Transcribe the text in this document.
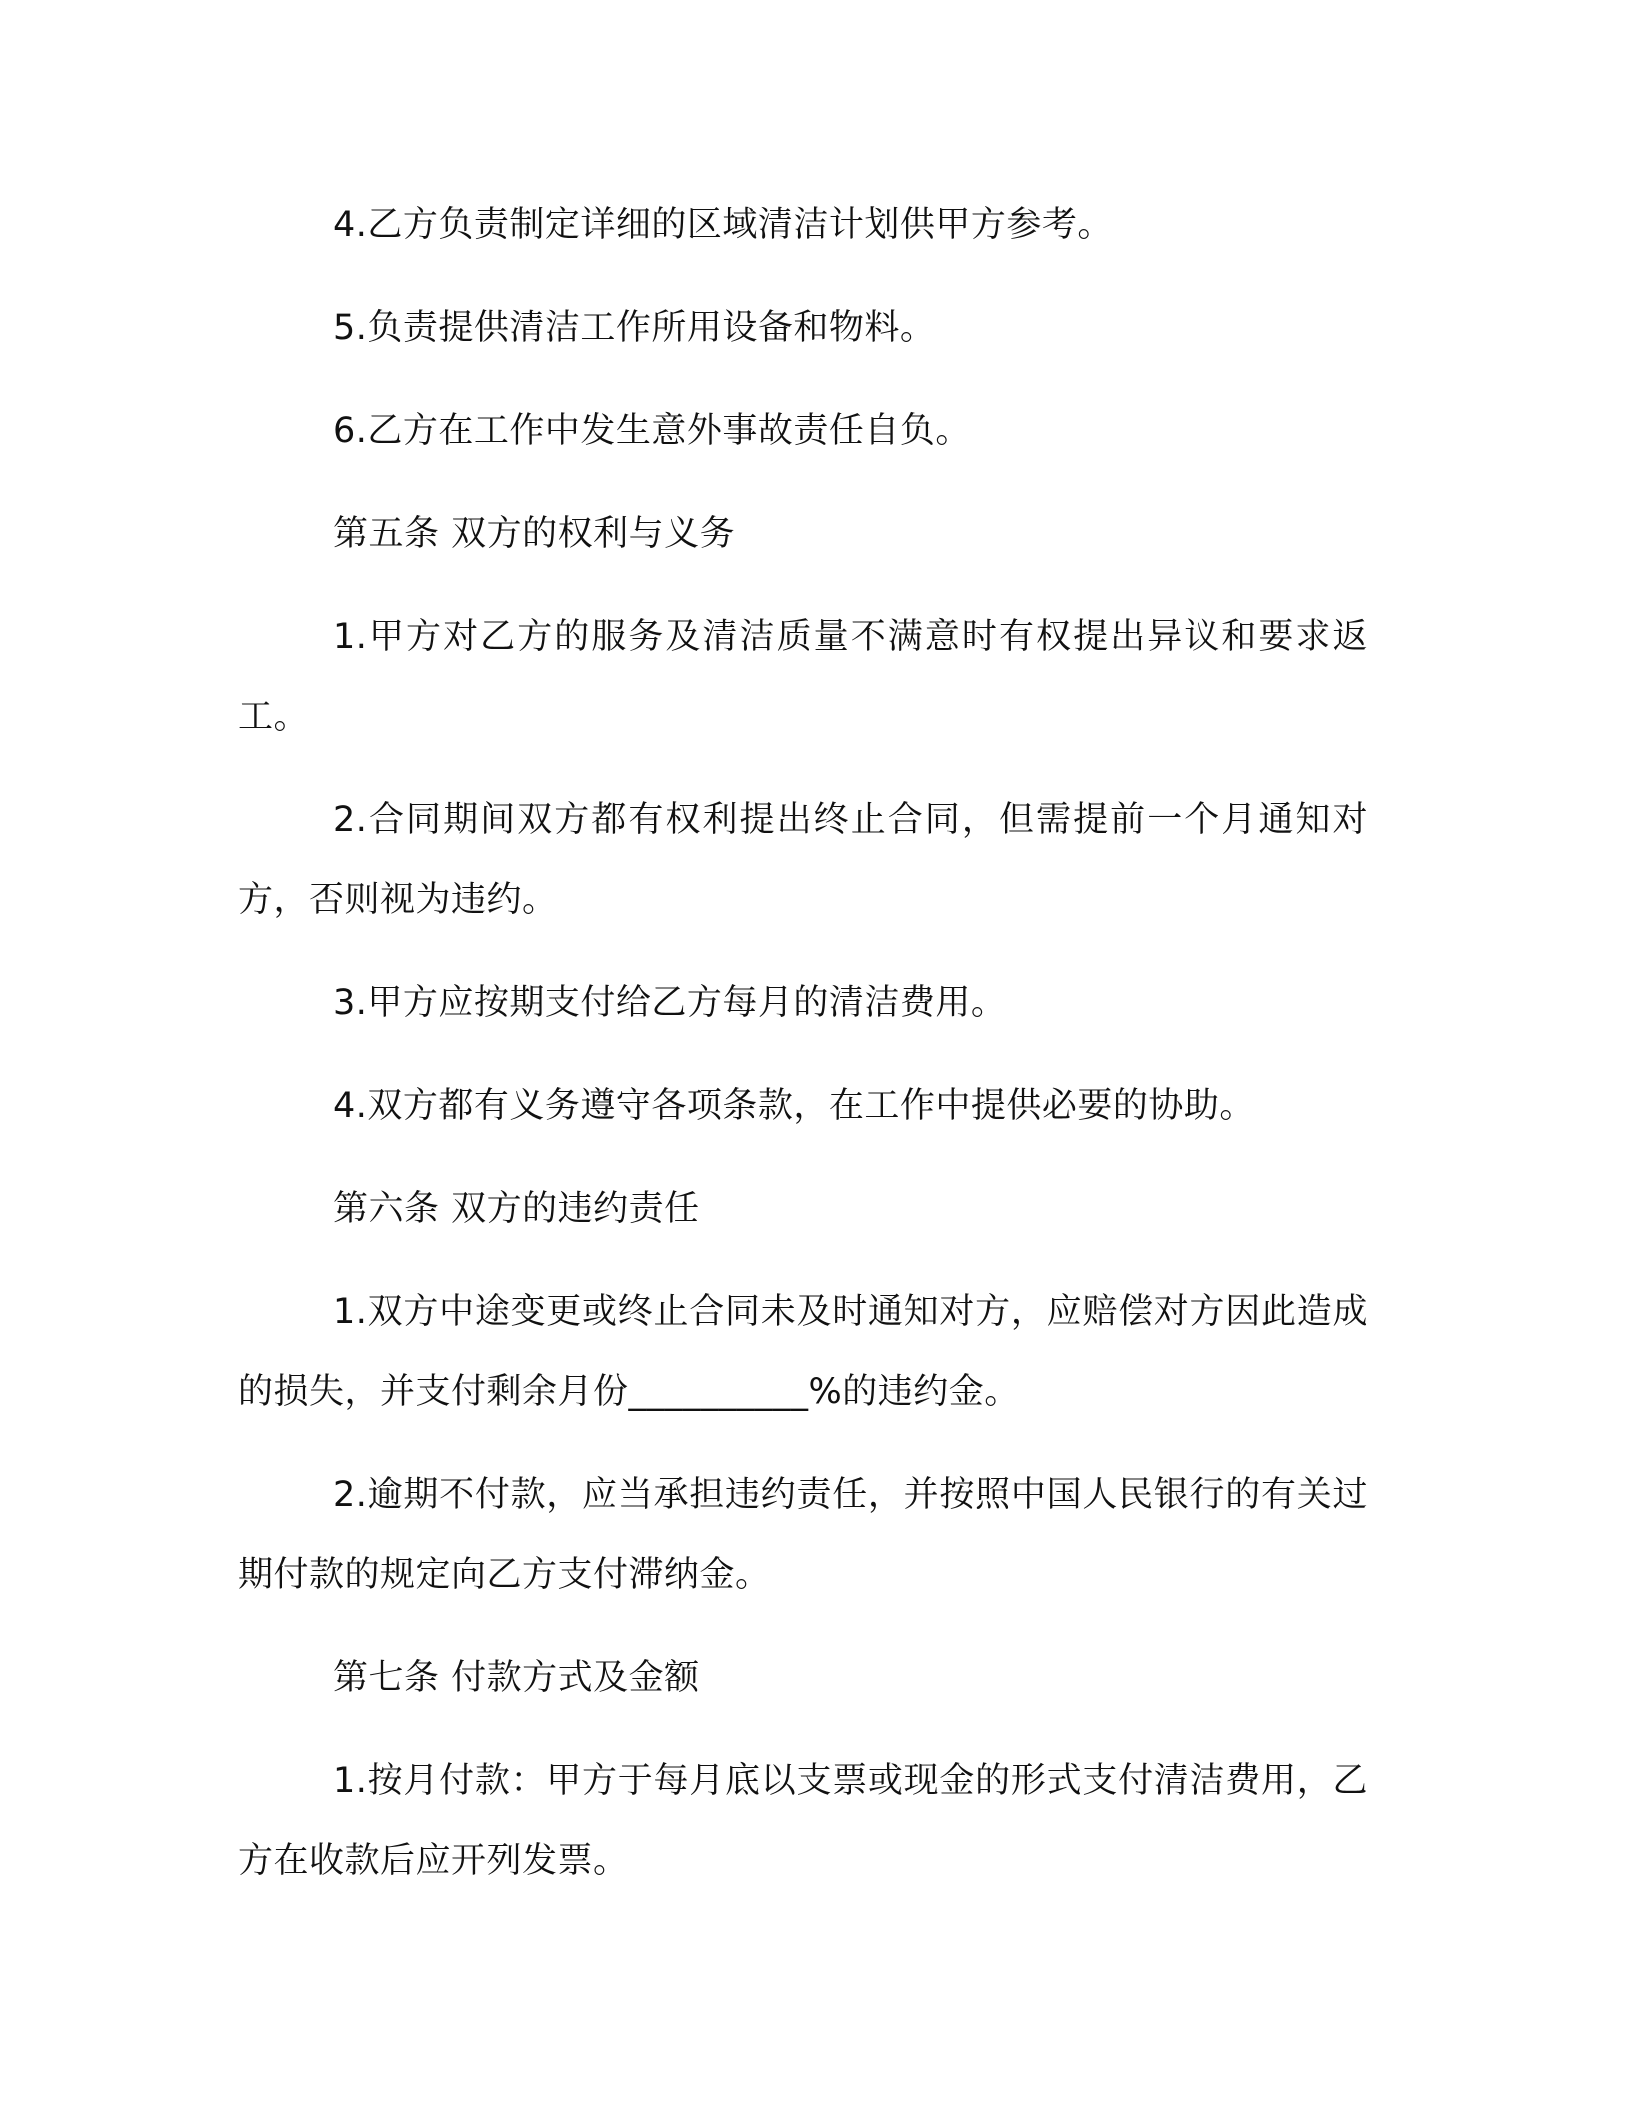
4.乙方负责制定详细的区域清洁计划供甲方参考。

5.负责提供清洁工作所用设备和物料。

6.乙方在工作中发生意外事故责任自负。

第五条 双方的权利与义务

1.甲方对乙方的服务及清洁质量不满意时有权提出异议和要求返工。

2.合同期间双方都有权利提出终止合同，但需提前一个月通知对方，否则视为违约。

3.甲方应按期支付给乙方每月的清洁费用。

4.双方都有义务遵守各项条款，在工作中提供必要的协助。

第六条 双方的违约责任

1.双方中途变更或终止合同未及时通知对方，应赔偿对方因此造成的损失，并支付剩余月份__________%的违约金。

2.逾期不付款，应当承担违约责任，并按照中国人民银行的有关过期付款的规定向乙方支付滞纳金。

第七条 付款方式及金额

1.按月付款：甲方于每月底以支票或现金的形式支付清洁费用，乙方在收款后应开列发票。
